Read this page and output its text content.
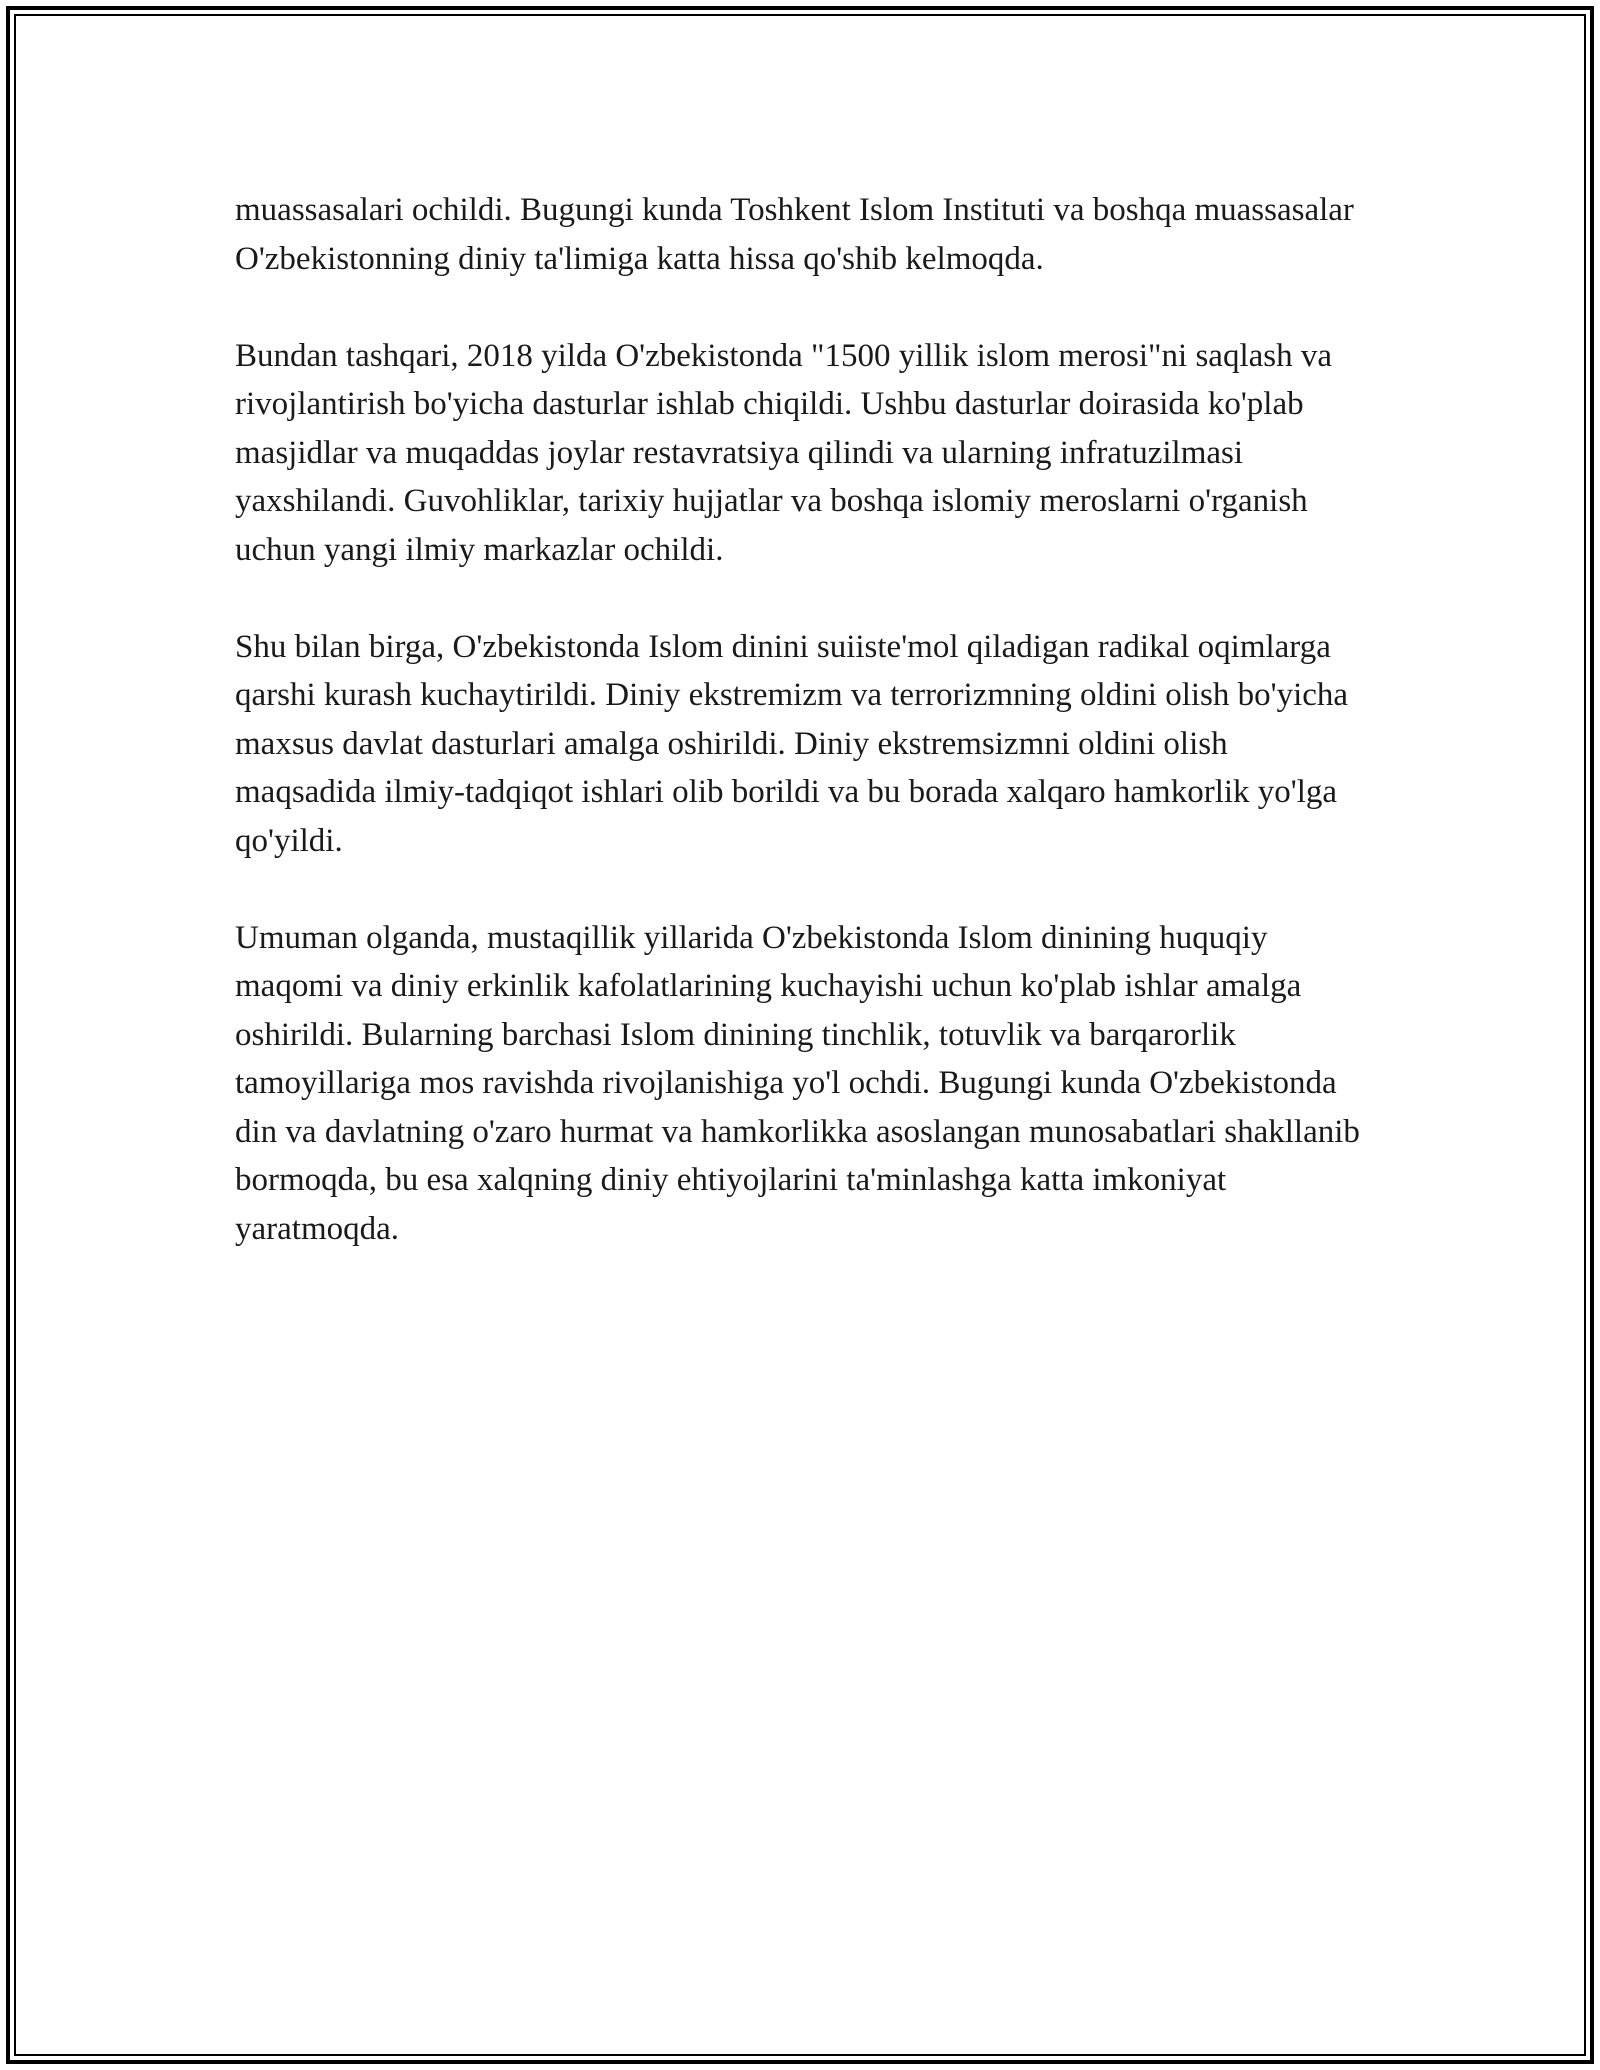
muassasalari ochildi. Bugungi kunda Toshkent Islom Instituti va boshqa muassasalar O'zbekistonning diniy ta'limiga katta hissa qo'shib kelmoqda.

Bundan tashqari, 2018 yilda O'zbekistonda "1500 yillik islom merosi"ni saqlash va rivojlantirish bo'yicha dasturlar ishlab chiqildi. Ushbu dasturlar doirasida ko'plab masjidlar va muqaddas joylar restavratsiya qilindi va ularning infratuzilmasi yaxshilandi. Guvohliklar, tarixiy hujjatlar va boshqa islomiy meroslarni o'rganish uchun yangi ilmiy markazlar ochildi.

Shu bilan birga, O'zbekistonda Islom dinini suiiste'mol qiladigan radikal oqimlarga qarshi kurash kuchaytirildi. Diniy ekstremizm va terrorizmning oldini olish bo'yicha maxsus davlat dasturlari amalga oshirildi. Diniy ekstremsizmni oldini olish maqsadida ilmiy-tadqiqot ishlari olib borildi va bu borada xalqaro hamkorlik yo'lga qo'yildi.

Umuman olganda, mustaqillik yillarida O'zbekistonda Islom dinining huquqiy maqomi va diniy erkinlik kafolatlarining kuchayishi uchun ko'plab ishlar amalga oshirildi. Bularning barchasi Islom dinining tinchlik, totuvlik va barqarorlik tamoyillariga mos ravishda rivojlanishiga yo'l ochdi. Bugungi kunda O'zbekistonda din va davlatning o'zaro hurmat va hamkorlikka asoslangan munosabatlari shakllanib bormoqda, bu esa xalqning diniy ehtiyojlarini ta'minlashga katta imkoniyat yaratmoqda.
